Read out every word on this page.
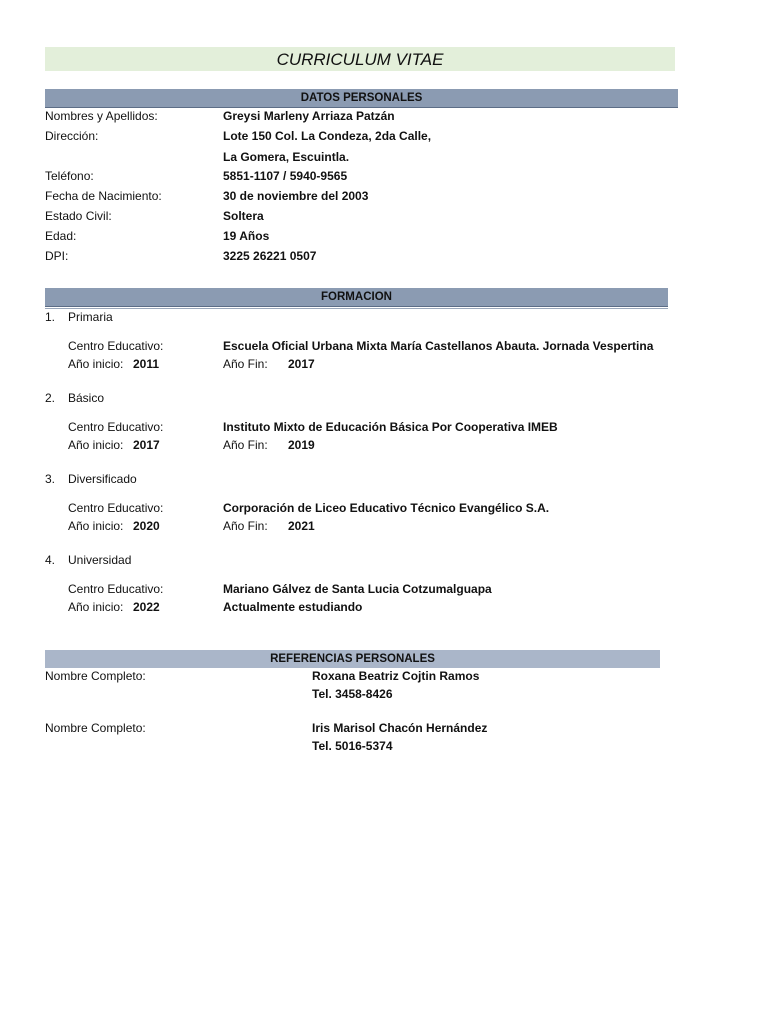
CURRICULUM VITAE
DATOS PERSONALES
Nombres y Apellidos:	Greysi Marleny Arriaza Patzán
Dirección:	Lote 150 Col. La Condeza, 2da Calle,
La Gomera, Escuintla.
Teléfono:	5851-1107 / 5940-9565
Fecha de Nacimiento:	30 de noviembre del 2003
Estado Civil:	Soltera
Edad:	19 Años
DPI:	3225 26221 0507
FORMACION
1. Primaria
Centro Educativo:	Escuela Oficial Urbana Mixta María Castellanos Abauta. Jornada Vespertina
Año inicio: 2011	Año Fin: 2017
2. Básico
Centro Educativo:	Instituto Mixto de Educación Básica Por Cooperativa IMEB
Año inicio: 2017	Año Fin: 2019
3. Diversificado
Centro Educativo:	Corporación de Liceo Educativo Técnico Evangélico S.A.
Año inicio: 2020	Año Fin: 2021
4. Universidad
Centro Educativo:	Mariano Gálvez de Santa Lucia Cotzumalguapa
Año inicio: 2022	Actualmente estudiando
REFERENCIAS PERSONALES
Nombre Completo:	Roxana Beatriz Cojtin Ramos
Tel. 3458-8426
Nombre Completo:	Iris Marisol Chacón Hernández
Tel. 5016-5374
